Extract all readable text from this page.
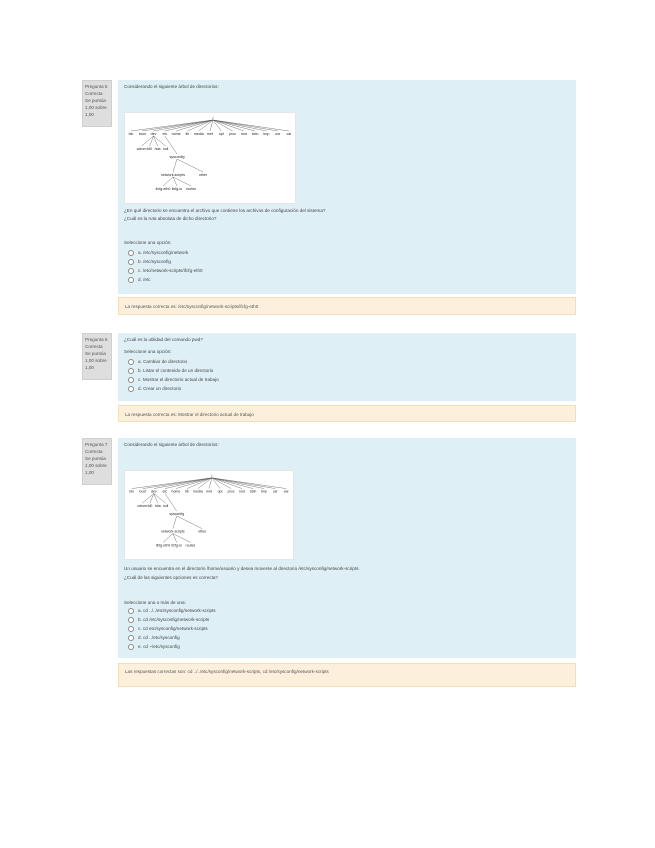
Pregunta 5
Correcta
Se puntúa
1,00 sobre
1,00
Considerando el siguiente árbol de directorios:
/
bin boot dev etc home lib media mnt opt proc root sbin tmp usr var
cdrom fd0 hda null
sysconfig
network-scripts	other
ifcfg-eth0 ifcfg-lo routes
¿En qué directorio se encuentra el archivo que contiene los archivos de configuración del sistema?
¿Cuál es la ruta absoluta de dicho directorio?
Seleccione una opción:
a. /etc/sysconfig/network
b. /etc/sysconfig
c. /etc/network-scripts/ifcfg-eth0
d. /etc
La respuesta correcta es: /etc/sysconfig/network-scripts/ifcfg-eth0
Pregunta 6
Correcta
Se puntúa
1,00 sobre
1,00
¿Cuál es la utilidad del comando pwd?
Seleccione una opción:
a. Cambiar de directorio
b. Listar el contenido de un directorio
c. Mostrar el directorio actual de trabajo
d. Crear un directorio
La respuesta correcta es: Mostrar el directorio actual de trabajo
Pregunta 7
Correcta
Se puntúa
1,00 sobre
1,00
Considerando el siguiente árbol de directorios:
/
bin boot dev etc home lib media mnt opt proc root sbin tmp usr var
cdrom fd0 hda null
sysconfig
network-scripts	other
ifcfg-eth0 ifcfg-lo routes
Un usuario se encuentra en el directorio /home/usuario y desea moverse al directorio /etc/sysconfig/network-scripts.
¿Cuál de las siguientes opciones es correcta?
Seleccione una o más de una:
a. cd ../../etc/sysconfig/network-scripts
b. cd /etc/sysconfig/network-scripts
c. cd etc/sysconfig/network-scripts
d. cd ../etc/sysconfig
e. cd ~/etc/sysconfig
Las respuestas correctas son: cd ../../etc/sysconfig/network-scripts, cd /etc/sysconfig/network-scripts
